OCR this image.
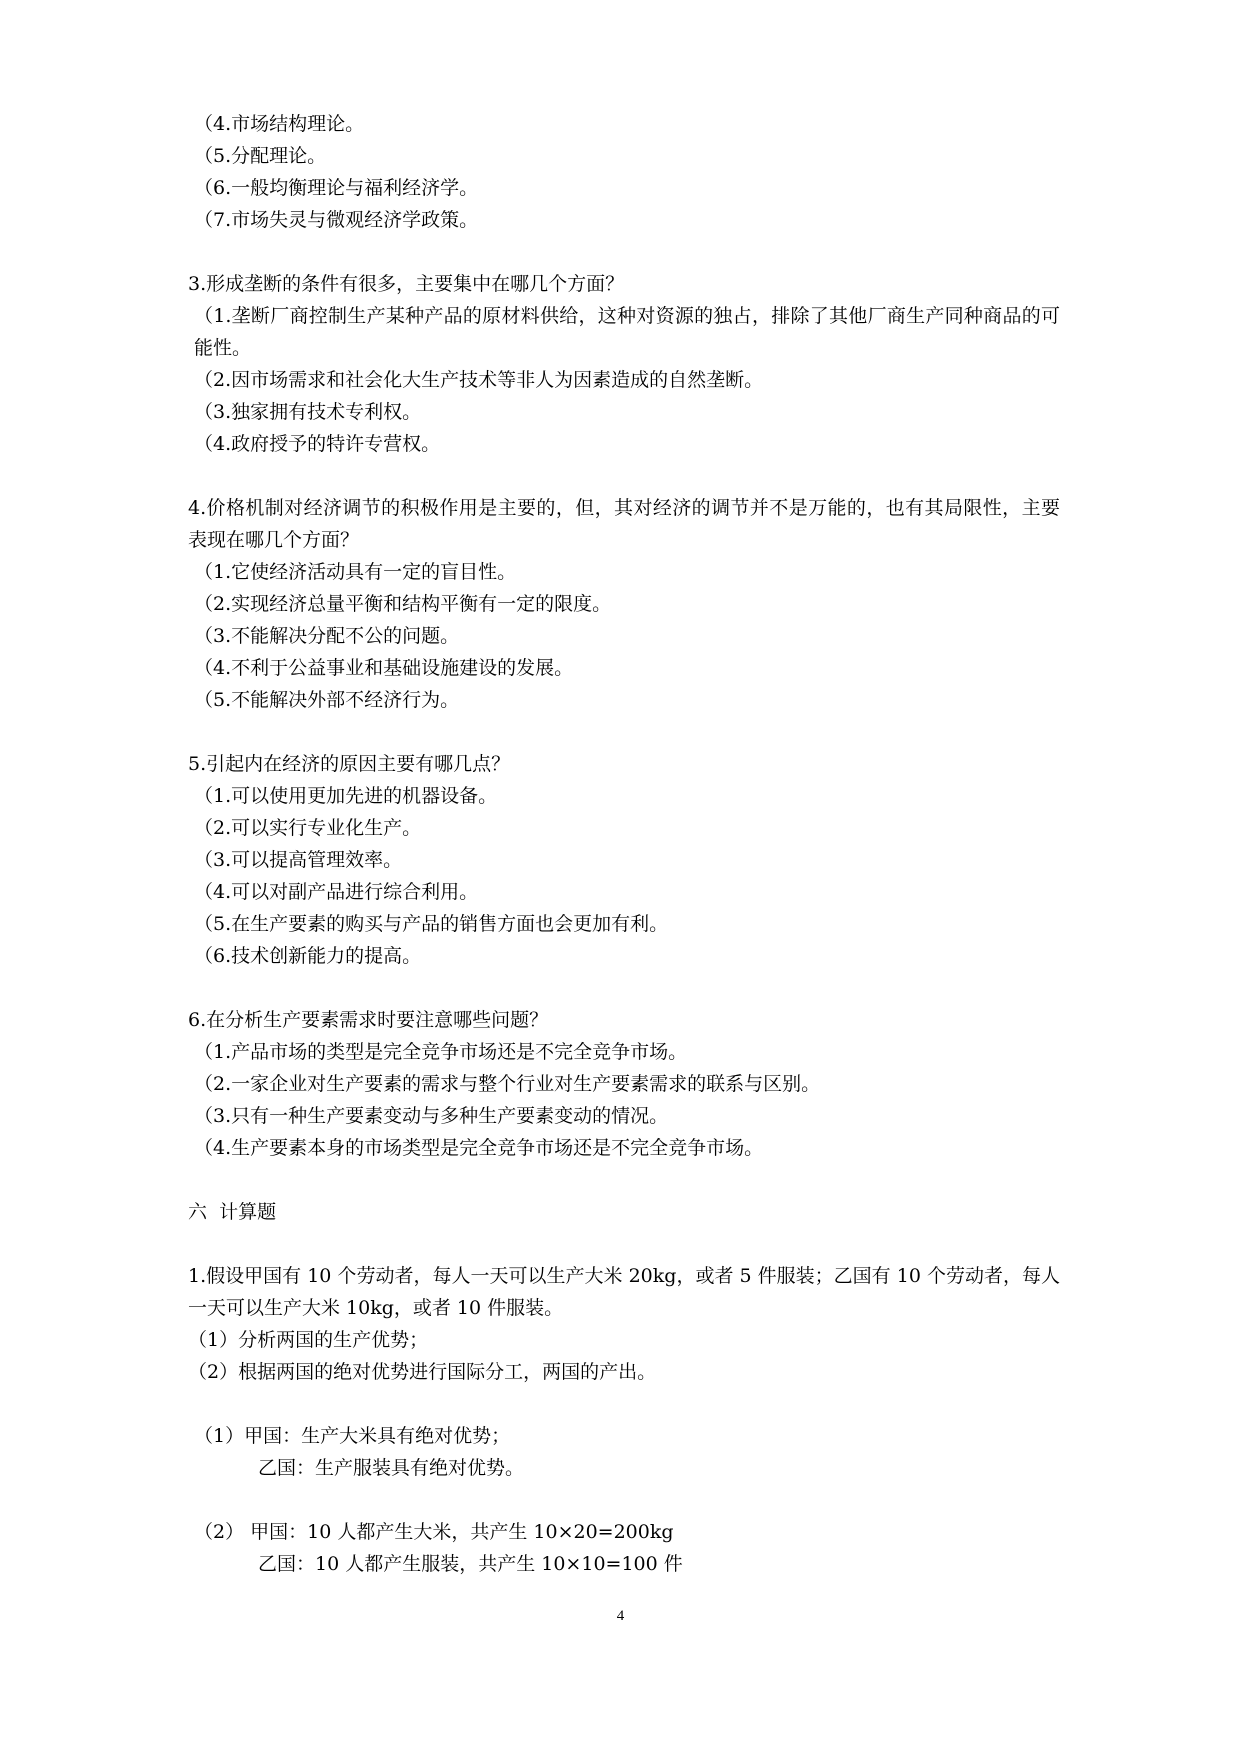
（4.市场结构理论。
（5.分配理论。
（6.一般均衡理论与福利经济学。
（7.市场失灵与微观经济学政策。
3.形成垄断的条件有很多，主要集中在哪几个方面？
（1.垄断厂商控制生产某种产品的原材料供给，这种对资源的独占，排除了其他厂商生产同种商品的可能性。
（2.因市场需求和社会化大生产技术等非人为因素造成的自然垄断。
（3.独家拥有技术专利权。
（4.政府授予的特许专营权。
4.价格机制对经济调节的积极作用是主要的，但，其对经济的调节并不是万能的，也有其局限性，主要表现在哪几个方面？
（1.它使经济活动具有一定的盲目性。
（2.实现经济总量平衡和结构平衡有一定的限度。
（3.不能解决分配不公的问题。
（4.不利于公益事业和基础设施建设的发展。
（5.不能解决外部不经济行为。
5.引起内在经济的原因主要有哪几点？
（1.可以使用更加先进的机器设备。
（2.可以实行专业化生产。
（3.可以提高管理效率。
（4.可以对副产品进行综合利用。
（5.在生产要素的购买与产品的销售方面也会更加有利。
（6.技术创新能力的提高。
6.在分析生产要素需求时要注意哪些问题？
（1.产品市场的类型是完全竞争市场还是不完全竞争市场。
（2.一家企业对生产要素的需求与整个行业对生产要素需求的联系与区别。
（3.只有一种生产要素变动与多种生产要素变动的情况。
（4.生产要素本身的市场类型是完全竞争市场还是不完全竞争市场。
六  计算题
1.假设甲国有 10 个劳动者，每人一天可以生产大米 20kg，或者 5 件服装；乙国有 10 个劳动者，每人一天可以生产大米 10kg，或者 10 件服装。
（1）分析两国的生产优势；
（2）根据两国的绝对优势进行国际分工，两国的产出。
（1）甲国：生产大米具有绝对优势；
乙国：生产服装具有绝对优势。
（2） 甲国：10 人都产生大米，共产生 10×20=200kg
乙国：10 人都产生服装，共产生 10×10=100 件
4
